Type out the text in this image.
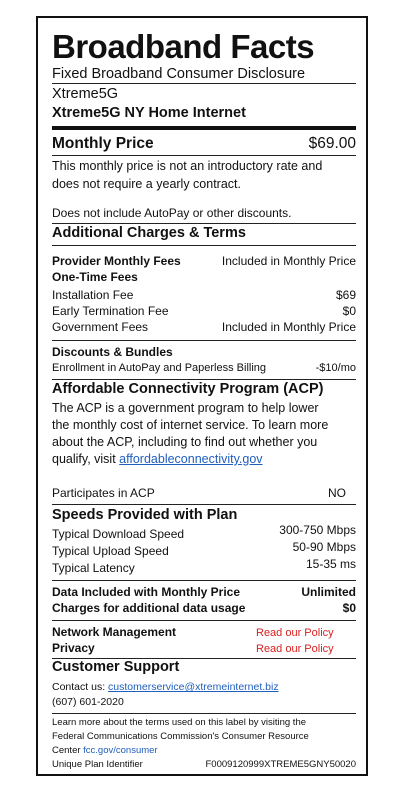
Broadband Facts
Fixed Broadband Consumer Disclosure
Xtreme5G
Xtreme5G NY Home Internet
Monthly Price	$69.00
This monthly price is not an introductory rate and
does not require a yearly contract.
Does not include AutoPay or other discounts.
Additional Charges & Terms
Provider Monthly Fees	Included in Monthly Price
One-Time Fees
Installation Fee	$69
Early Termination Fee	$0
Government Fees	Included in Monthly Price
Discounts & Bundles
Enrollment in AutoPay and Paperless Billing	-$10/mo
Affordable Connectivity Program (ACP)
The ACP is a government program to help lower
the monthly cost of internet service. To learn more
about the ACP, including to find out whether you
qualify, visit affordableconnectivity.gov
Participates in ACP	NO
Speeds Provided with Plan
Typical Download Speed	300-750 Mbps
Typical Upload Speed	50-90 Mbps
Typical Latency	15-35 ms
Data Included with Monthly Price	Unlimited
Charges for additional data usage	$0
Network Management	Read our Policy
Privacy	Read our Policy
Customer Support
Contact us: customerservice@xtremeinternet.biz
(607) 601-2020
Learn more about the terms used on this label by visiting the
Federal Communications Commission's Consumer Resource
Center fcc.gov/consumer
Unique Plan Identifier	F0009120999XTREME5GNY50020
